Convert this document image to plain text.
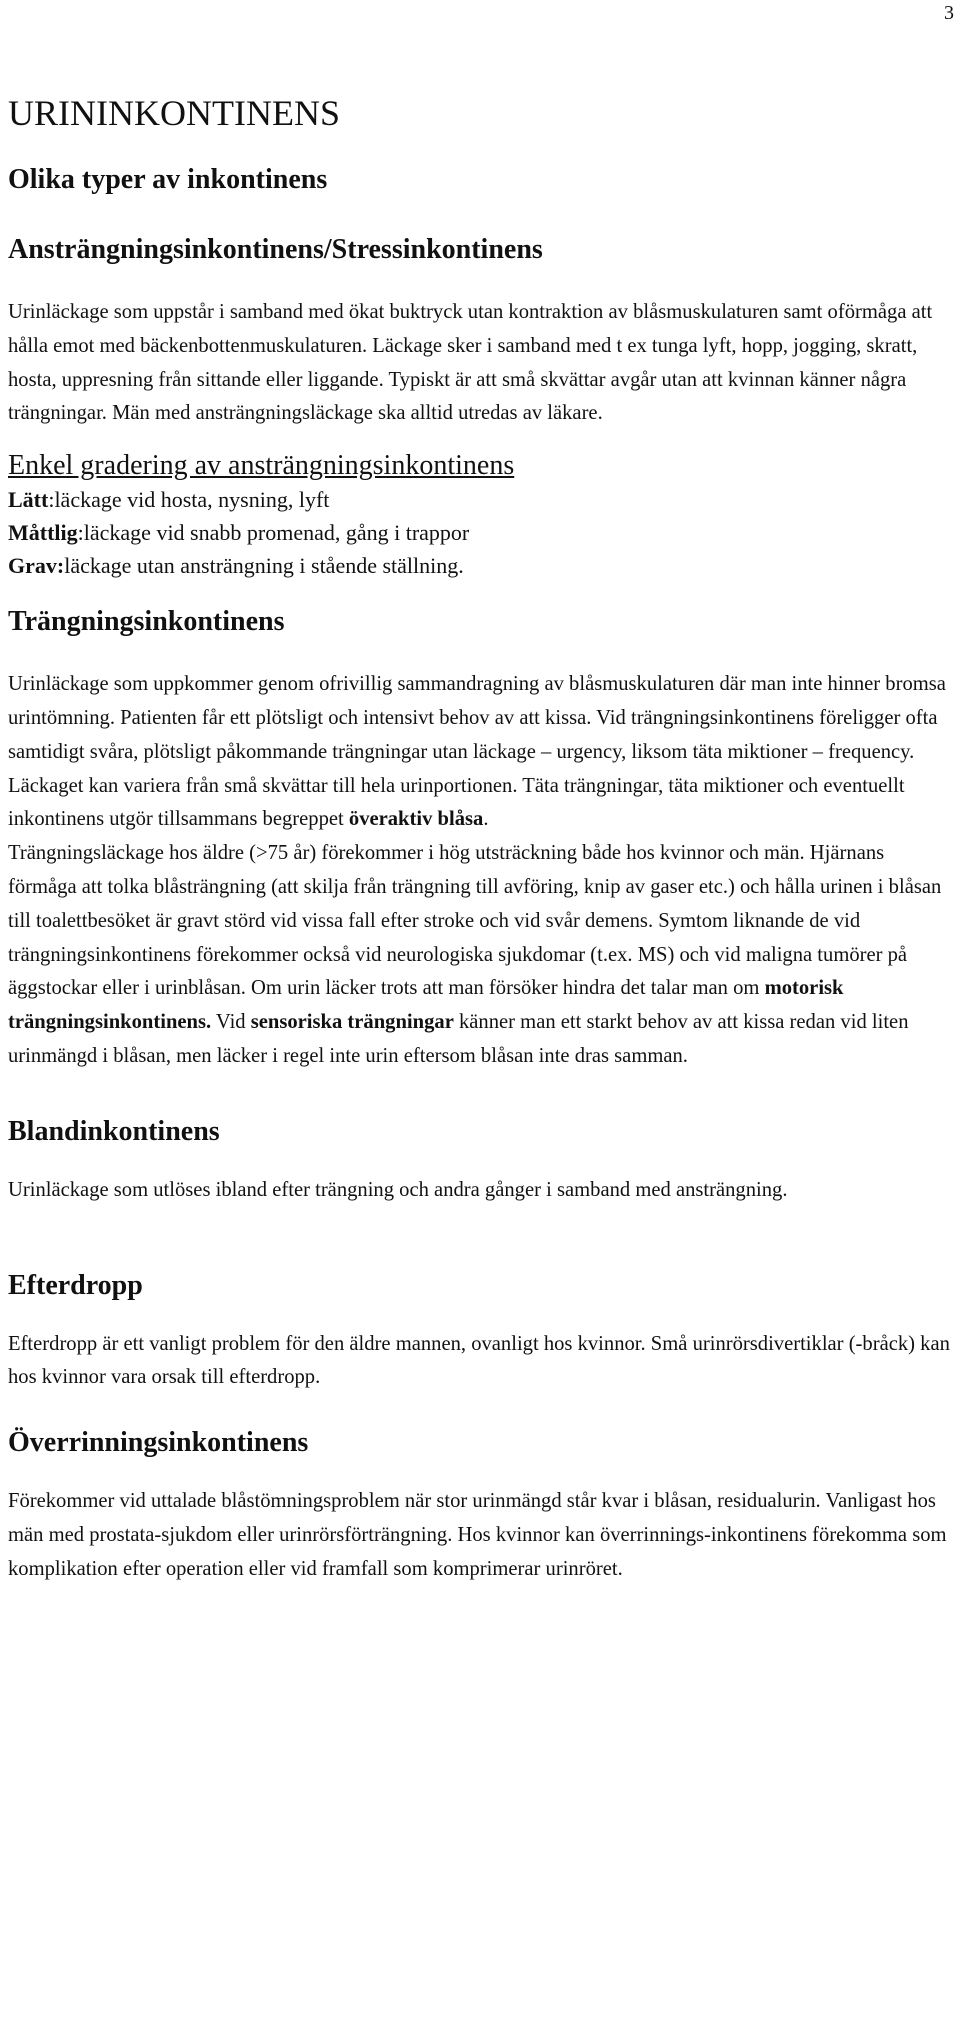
3
URININKONTINENS
Olika typer av inkontinens
Ansträngningsinkontinens/Stressinkontinens

Urinläckage som uppstår i samband med ökat buktryck utan kontraktion av blåsmuskulaturen samt oförmåga att hålla emot med bäckenbottenmuskulaturen. Läckage sker i samband med t ex tunga lyft, hopp, jogging, skratt, hosta, uppresning från sittande eller liggande. Typiskt är att små skvättar avgår utan att kvinnan känner några trängningar. Män med ansträngningsläckage ska alltid utredas av läkare.

Enkel gradering av ansträngningsinkontinens

Lätt:läckage vid hosta, nysning, lyft

Måttlig:läckage vid snabb promenad, gång i trappor

Grav:läckage utan ansträngning i stående ställning.

Trängningsinkontinens

Urinläckage som uppkommer genom ofrivillig sammandragning av blåsmuskulaturen där man inte hinner bromsa urintömning. Patienten får ett plötsligt och intensivt behov av att kissa. Vid trängningsinkontinens föreligger ofta samtidigt svåra, plötsligt påkommande trängningar utan läckage – urgency, liksom täta miktioner – frequency. Läckaget kan variera från små skvättar till hela urinportionen. Täta trängningar, täta miktioner och eventuellt inkontinens utgör tillsammans begreppet överaktiv blåsa.

Trängningsläckage hos äldre (>75 år) förekommer i hög utsträckning både hos kvinnor och män. Hjärnans förmåga att tolka blåsträngning (att skilja från trängning till avföring, knip av gaser etc.) och hålla urinen i blåsan till toalettbesöket är gravt störd vid vissa fall efter stroke och vid svår demens. Symtom liknande de vid trängningsinkontinens förekommer också vid neurologiska sjukdomar (t.ex. MS) och vid maligna tumörer på äggstockar eller i urinblåsan. Om urin läcker trots att man försöker hindra det talar man om motorisk trängningsinkontinens. Vid sensoriska trängningar känner man ett starkt behov av att kissa redan vid liten urinmängd i blåsan, men läcker i regel inte urin eftersom blåsan inte dras samman.

Blandinkontinens

Urinläckage som utlöses ibland efter trängning och andra gånger i samband med ansträngning.

Efterdropp

Efterdropp är ett vanligt problem för den äldre mannen, ovanligt hos kvinnor. Små urinrörsdivertiklar (-bråck) kan hos kvinnor vara orsak till efterdropp.

Överrinningsinkontinens

Förekommer vid uttalade blåstömningsproblem när stor urinmängd står kvar i blåsan, residualurin. Vanligast hos män med prostata-sjukdom eller urinrörsförträngning. Hos kvinnor kan överrinnings-inkontinens förekomma som komplikation efter operation eller vid framfall som komprimerar urinröret.
